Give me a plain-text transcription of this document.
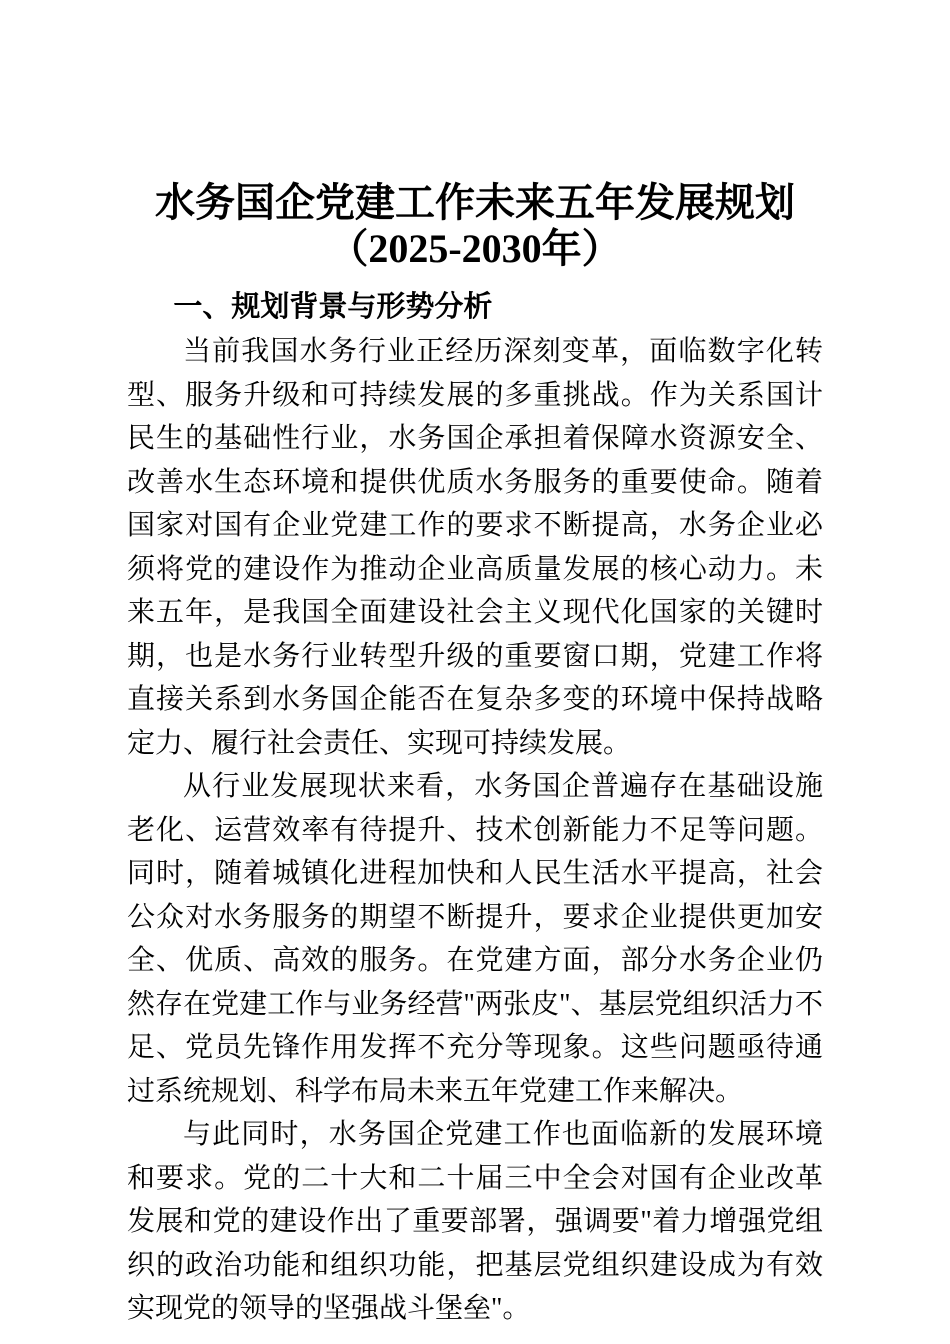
水务国企党建工作未来五年发展规划
（2025-2030年）
一、规划背景与形势分析

当前我国水务行业正经历深刻变革，面临数字化转型、服务升级和可持续发展的多重挑战。作为关系国计民生的基础性行业，水务国企承担着保障水资源安全、改善水生态环境和提供优质水务服务的重要使命。随着国家对国有企业党建工作的要求不断提高，水务企业必须将党的建设作为推动企业高质量发展的核心动力。未来五年，是我国全面建设社会主义现代化国家的关键时期，也是水务行业转型升级的重要窗口期，党建工作将直接关系到水务国企能否在复杂多变的环境中保持战略定力、履行社会责任、实现可持续发展。

从行业发展现状来看，水务国企普遍存在基础设施老化、运营效率有待提升、技术创新能力不足等问题。同时，随着城镇化进程加快和人民生活水平提高，社会公众对水务服务的期望不断提升，要求企业提供更加安全、优质、高效的服务。在党建方面，部分水务企业仍然存在党建工作与业务经营"两张皮"、基层党组织活力不足、党员先锋作用发挥不充分等现象。这些问题亟待通过系统规划、科学布局未来五年党建工作来解决。

与此同时，水务国企党建工作也面临新的发展环境和要求。党的二十大和二十届三中全会对国有企业改革发展和党的建设作出了重要部署，强调要"着力增强党组织的政治功能和组织功能，把基层党组织建设成为有效实现党的领导的坚强战斗堡垒"。
